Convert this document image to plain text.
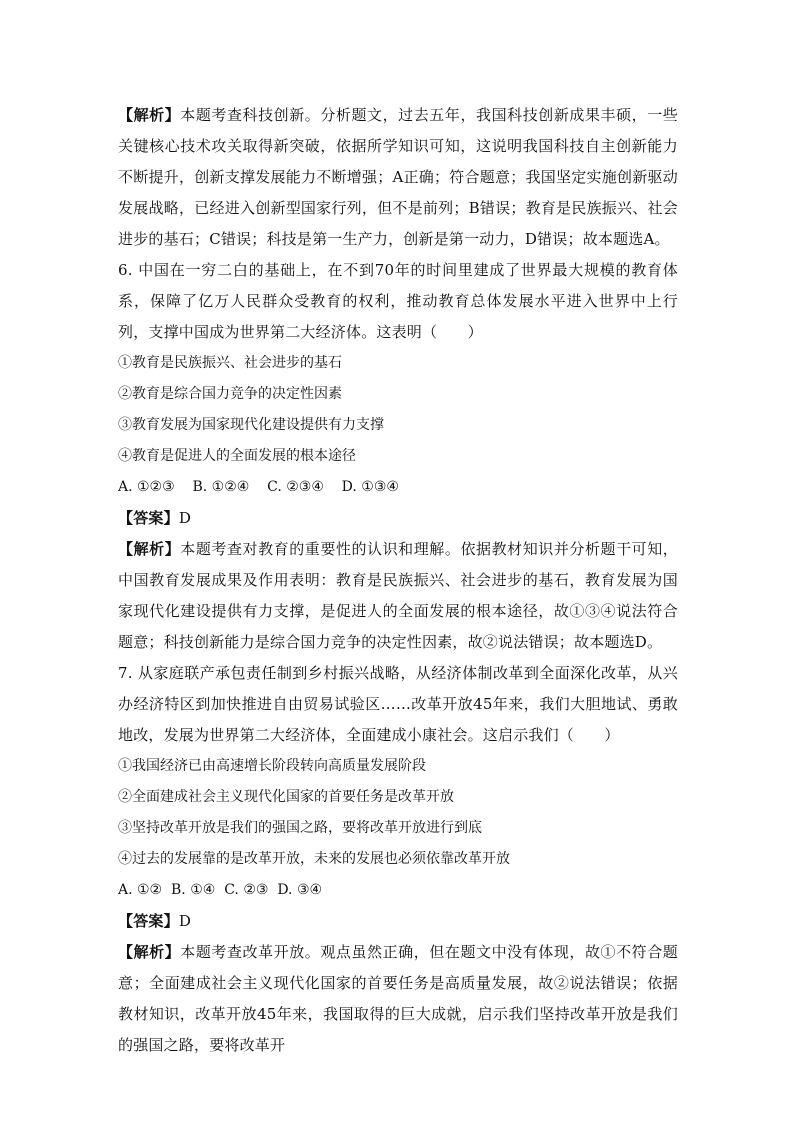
【解析】本题考查科技创新。分析题文，过去五年，我国科技创新成果丰硕，一些关键核心技术攻关取得新突破，依据所学知识可知，这说明我国科技自主创新能力不断提升，创新支撑发展能力不断增强；A正确；符合题意；我国坚定实施创新驱动发展战略，已经进入创新型国家行列，但不是前列；B错误；教育是民族振兴、社会进步的基石；C错误；科技是第一生产力，创新是第一动力，D错误；故本题选A。

6. 中国在一穷二白的基础上，在不到70年的时间里建成了世界最大规模的教育体系，保障了亿万人民群众受教育的权利，推动教育总体发展水平进入世界中上行列，支撑中国成为世界第二大经济体。这表明（　　）

①教育是民族振兴、社会进步的基石

②教育是综合国力竞争的决定性因素

③教育发展为国家现代化建设提供有力支撑

④教育是促进人的全面发展的根本途径

A. ①②③    B. ①②④    C. ②③④    D. ①③④

【答案】D

【解析】本题考查对教育的重要性的认识和理解。依据教材知识并分析题干可知，中国教育发展成果及作用表明：教育是民族振兴、社会进步的基石，教育发展为国家现代化建设提供有力支撑，是促进人的全面发展的根本途径，故①③④说法符合题意；科技创新能力是综合国力竞争的决定性因素，故②说法错误；故本题选D。

7. 从家庭联产承包责任制到乡村振兴战略，从经济体制改革到全面深化改革，从兴办经济特区到加快推进自由贸易试验区……改革开放45年来，我们大胆地试、勇敢地改，发展为世界第二大经济体，全面建成小康社会。这启示我们（　　）

①我国经济已由高速增长阶段转向高质量发展阶段

②全面建成社会主义现代化国家的首要任务是改革开放

③坚持改革开放是我们的强国之路，要将改革开放进行到底

④过去的发展靠的是改革开放，未来的发展也必须依靠改革开放

A. ①②  B. ①④  C. ②③  D. ③④

【答案】D

【解析】本题考查改革开放。观点虽然正确，但在题文中没有体现，故①不符合题意；全面建成社会主义现代化国家的首要任务是高质量发展，故②说法错误；依据教材知识，改革开放45年来，我国取得的巨大成就，启示我们坚持改革开放是我们的强国之路，要将改革开
